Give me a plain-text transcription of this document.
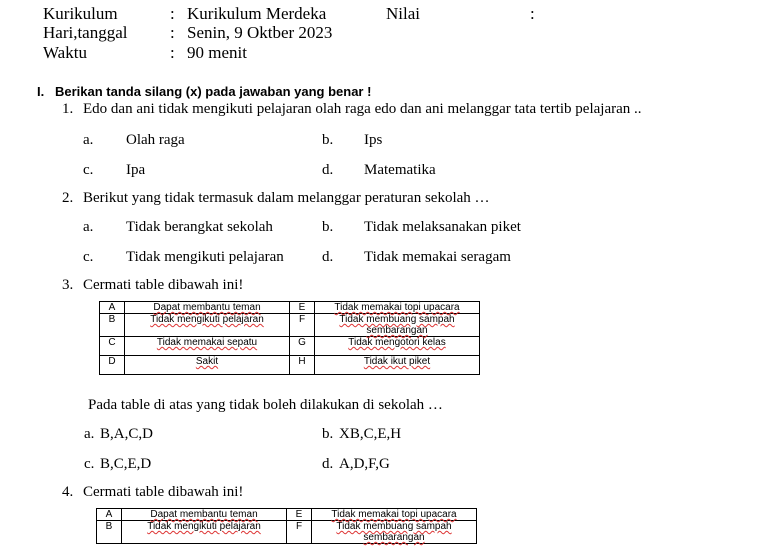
Kurikulum	: Kurikulum Merdeka	Nilai	:
Hari,tanggal	: Senin, 9 Oktber 2023
Waktu	: 90 menit
I. Berikan tanda silang (x) pada jawaban yang benar !
1. Edo dan ani tidak mengikuti pelajaran olah raga edo dan ani melanggar tata tertib pelajaran ..
a. Olah raga	b. Ips
c. Ipa	d. Matematika
2. Berikut yang tidak termasuk dalam melanggar peraturan sekolah …
a. Tidak berangkat sekolah	b. Tidak melaksanakan piket
c. Tidak mengikuti pelajaran	d. Tidak memakai seragam
3. Cermati table dibawah ini!
A	Dapat membantu teman	E	Tidak memakai topi upacara
B	Tidak mengikuti pelajaran	F	Tidak membuang sampah sembarangan
C	Tidak memakai sepatu	G	Tidak mengotori kelas
D	Sakit	H	Tidak ikut piket
Pada table di atas yang tidak boleh dilakukan di sekolah …
a. B,A,C,D	b. XB,C,E,H
c. B,C,E,D	d. A,D,F,G
4. Cermati table dibawah ini!
A	Dapat membantu teman	E	Tidak memakai topi upacara
B	Tidak mengikuti pelajaran	F	Tidak membuang sampah sembarangan
